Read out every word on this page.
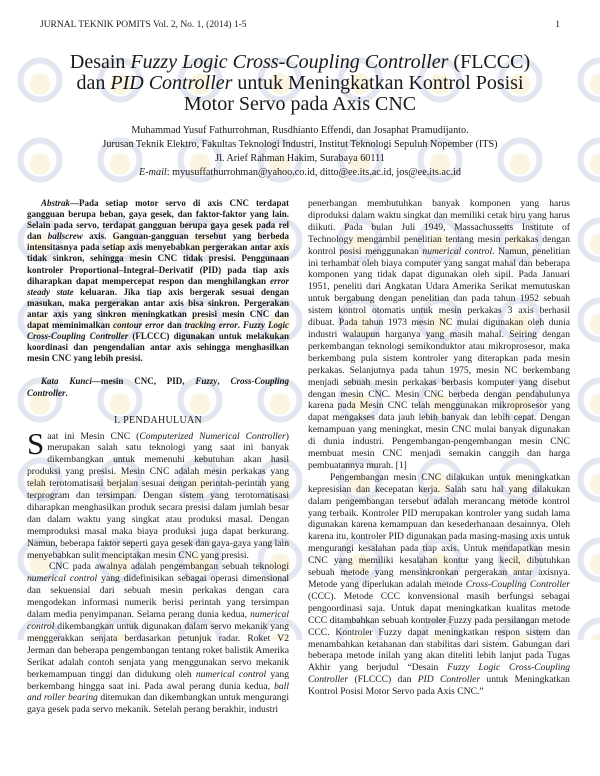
JURNAL TEKNIK POMITS Vol. 2, No. 1, (2014) 1-5	1
Desain Fuzzy Logic Cross-Coupling Controller (FLCCC)
dan PID Controller untuk Meningkatkan Kontrol Posisi
Motor Servo pada Axis CNC
Muhammad Yusuf Fathurrohman, Rusdhianto Effendi, dan Josaphat Pramudijanto.
Jurusan Teknik Elektro, Fakultas Teknologi Industri, Institut Teknologi Sepuluh Nopember (ITS)
Jl. Arief Rahman Hakim, Surabaya 60111
E-mail: myusuffathurrohman@yahoo.co.id, ditto@ee.its.ac.id, jos@ee.its.ac.id

Abstrak—Pada setiap motor servo di axis CNC terdapat gangguan berupa beban, gaya gesek, dan faktor-faktor yang lain. Selain pada servo, terdapat gangguan berupa gaya gesek pada rel dan ballscrew axis. Ganguan-gangguan tersebut yang berbeda intensitasnya pada setiap axis menyebabkan pergerakan antar axis tidak sinkron, sehingga mesin CNC tidak presisi. Penggunaan kontroler Proportional–Integral–Derivatif (PID) pada tiap axis diharapkan dapat mempercepat respon dan menghilangkan error steady state keluaran. Jika tiap axis bergerak sesuai dengan masukan, maka pergerakan antar axis bisa sinkron. Pergerakan antar axis yang sinkron meningkatkan presisi mesin CNC dan dapat meminimalkan contour error dan tracking error. Fuzzy Logic Cross-Coupling Controller (FLCCC) digunakan untuk melakukan koordinasi dan pengendalian antar axis sehingga menghasilkan mesin CNC yang lebih presisi.

Kata Kunci—mesin CNC, PID, Fuzzy, Cross-Coupling Controller.

I. PENDAHULUAN

Saat ini Mesin CNC (Computerized Numerical Controller) merupakan salah satu teknologi yang saat ini banyak dikembangkan untuk memenuhi kebutuhan akan hasil produksi yang presisi. Mesin CNC adalah mesin perkakas yang telah terotomatisasi berjalan sesuai dengan perintah-perintah yang terprogram dan tersimpan. Dengan sistem yang terotomatisasi diharapkan menghasilkan produk secara presisi dalam jumlah besar dan dalam waktu yang singkat atau produksi masal. Dengan memproduksi masal maka biaya produksi juga dapat berkurang. Namun, beberapa faktor seperti gaya gesek dan gaya-gaya yang lain menyebabkan sulit menciptakan mesin CNC yang presisi.

CNC pada awalnya adalah pengembangan sebuah teknologi numerical control yang didefinisikan sebagai operasi dimensional dan sekuensial dari sebuah mesin perkakas dengan cara mengodekan informasi numerik berisi perintah yang tersimpan dalam media penyimpanan. Selama perang dunia kedua, numerical control dikembangkan untuk digunakan dalam servo mekanik yang menggerakkan senjata berdasarkan petunjuk radar. Roket V2 Jerman dan beberapa pengembangan tentang roket balistik Amerika Serikat adalah contoh senjata yang menggunakan servo mekanik berkemampuan tinggi dan didukung oleh numerical control yang berkembang hingga saat ini. Pada awal perang dunia kedua, ball and roller bearing ditemukan dan dikembangkan untuk mengurangi gaya gesek pada servo mekanik. Setelah perang berakhir, industri

penerbangan membutuhkan banyak komponen yang harus diproduksi dalam waktu singkat dan memiliki cetak biru yang harus diikuti. Pada bulan Juli 1949, Massachussetts Institute of Technology mengambil penelitian tentang mesin perkakas dengan kontrol posisi menggunakan numerical control. Namun, penelitian ini terhambat oleh biaya computer yang sangat mahal dan beberapa komponen yang tidak dapat digunakan oleh sipil. Pada Januari 1951, peneliti dari Angkatan Udara Amerika Serikat memutuskan untuk bergabung dengan penelitian dan pada tahun 1952 sebuah sistem kontrol otomatis untuk mesin perkakas 3 axis berhasil dibuat. Pada tahun 1973 mesin NC mulai digunakan oleh dunia industri walaupun harganya yang masih mahal. Seiring dengan perkembangan teknologi semikonduktor atau mikroprosesor, maka berkembang pula sistem kontroler yang diterapkan pada mesin perkakas. Selanjutnya pada tahun 1975, mesin NC berkembang menjadi sebuah mesin perkakas berbasis komputer yang disebut dengan mesin CNC. Mesin CNC berbeda dengan pendahulunya karena pada Mesin CNC telah menggunakan mikroprosesor yang dapat mengakses data jauh lebih banyak dan lebih cepat. Dengan kemampuan yang meningkat, mesin CNC mulai banyak digunakan di dunia industri. Pengembangan-pengembangan mesin CNC membuat mesin CNC menjadi semakin canggih dan harga pembuatannya murah. [1]

Pengembangan mesin CNC dilakukan untuk meningkatkan kepresisian dan kecepatan kerja. Salah satu hal yang dilakukan dalam pengembangan tersebut adalah merancang metode kontrol yang terbaik. Kontroler PID merupakan kontroler yang sudah lama digunakan karena kemampuan dan kesederhanaan desainnya. Oleh karena itu, kontroler PID digunakan pada masing-masing axis untuk mengurangi kesalahan pada tiap axis. Untuk mendapatkan mesin CNC yang memiliki kesalahan kontur yang kecil, dibutuhkan sebuah metode yang mensinkronkan pergerakan antar axisnya. Metode yang diperlukan adalah metode Cross-Coupling Controller (CCC). Metode CCC konvensional masih berfungsi sebagai pengoordinasi saja. Untuk dapat meningkatkan kualitas metode CCC ditambahkan sebuah kontroler Fuzzy pada persilangan metode CCC. Kontroler Fuzzy dapat meningkatkan respon sistem dan menambahkan ketahanan dan stabilitas dari sistem. Gabungan dari beberapa metode inilah yang akan diteliti lebih lanjut pada Tugas Akhir yang berjudul “Desain Fuzzy Logic Cross-Coupling Controller (FLCCC) dan PID Controller untuk Meningkatkan Kontrol Posisi Motor Servo pada Axis CNC.”
